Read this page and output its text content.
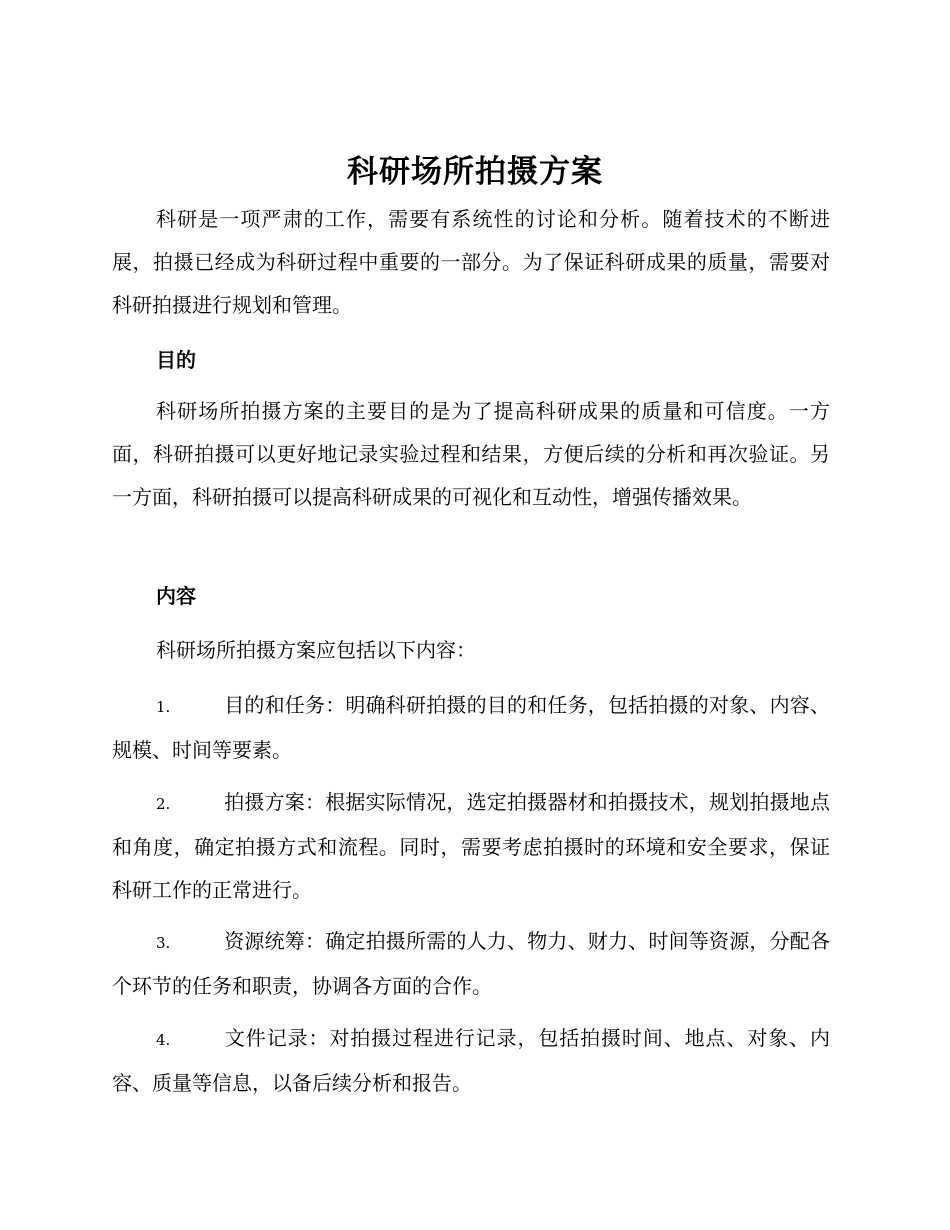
科研场所拍摄方案

科研是一项严肃的工作，需要有系统性的讨论和分析。随着技术的不断进展，拍摄已经成为科研过程中重要的一部分。为了保证科研成果的质量，需要对科研拍摄进行规划和管理。

目的

科研场所拍摄方案的主要目的是为了提高科研成果的质量和可信度。一方面，科研拍摄可以更好地记录实验过程和结果，方便后续的分析和再次验证。另一方面，科研拍摄可以提高科研成果的可视化和互动性，增强传播效果。

内容

科研场所拍摄方案应包括以下内容：

1.	目的和任务：明确科研拍摄的目的和任务，包括拍摄的对象、内容、规模、时间等要素。

2.	拍摄方案：根据实际情况，选定拍摄器材和拍摄技术，规划拍摄地点和角度，确定拍摄方式和流程。同时，需要考虑拍摄时的环境和安全要求，保证科研工作的正常进行。

3.	资源统筹：确定拍摄所需的人力、物力、财力、时间等资源，分配各个环节的任务和职责，协调各方面的合作。

4.	文件记录：对拍摄过程进行记录，包括拍摄时间、地点、对象、内容、质量等信息，以备后续分析和报告。
